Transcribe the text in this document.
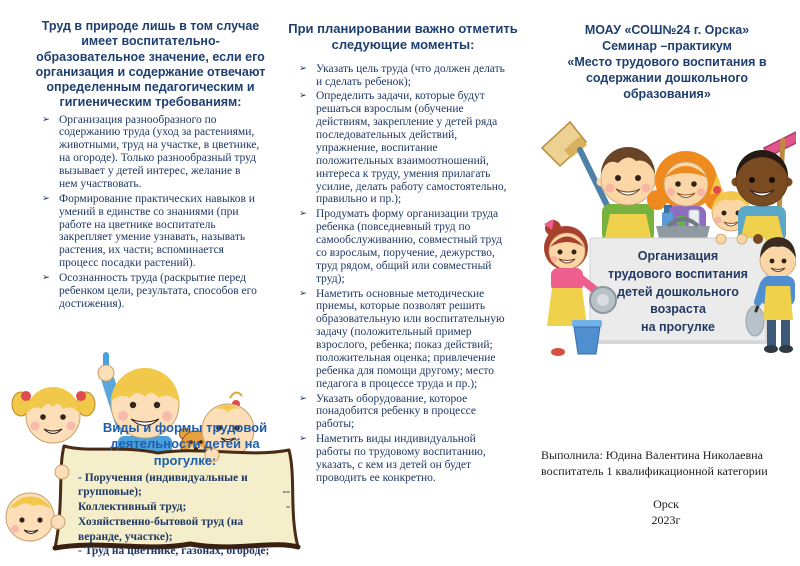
Труд в природе лишь в том случае имеет воспитательно-образовательное значение, если его организация и содержание отвечают определенным педагогическим и гигиеническим требованиям:
➢ Организация разнообразного по содержанию труда (уход за растениями, животными, труд на участке, в цветнике, на огороде). Только разнообразный труд вызывает у детей интерес, желание в нем участвовать.
➢ Формирование практических навыков и умений в единстве со знаниями (при работе на цветнике воспитатель закрепляет умение узнавать, называть растения, их части; вспоминается процесс посадки растений).
➢ Осознанность труда (раскрытие перед ребенком цели, результата, способов его достижения).
Виды и формы трудовой деятельности детей на прогулке:
- Поручения (индивидуальные и групповые);	--
Коллективный труд;	-
Хозяйственно-бытовой труд (на веранде, участке);
- Труд на цветнике, газонах, огороде;
При планировании важно отметить следующие моменты:
➢ Указать цель труда (что должен делать и сделать ребенок);
➢ Определить задачи, которые будут решаться взрослым (обучение действиям, закрепление у детей ряда последовательных действий, упражнение, воспитание положительных взаимоотношений, интереса к труду, умения прилагать усилие, делать работу самостоятельно, правильно и пр.);
➢ Продумать форму организации труда ребенка (повседневный труд по самообслуживанию, совместный труд со взрослым, поручение, дежурство, труд рядом, общий или совместный труд);
➢ Наметить основные методические приемы, которые позволят решить образовательную или воспитательную задачу (положительный пример взрослого, ребенка; показ действий; положительная оценка; привлечение ребенка для помощи другому; место педагога в процессе труда и пр.);
➢ Указать оборудование, которое понадобится ребенку в процессе работы;
➢ Наметить виды индивидуальной работы по трудовому воспитанию, указать, с кем из детей он будет проводить ее конкретно.
МОАУ «СОШ№24 г. Орска»
Семинар –практикум
«Место трудового воспитания в содержании дошкольного образования»
Организация
трудового воспитания
детей дошкольного
возраста
на прогулке
Выполнила: Юдина Валентина Николаевна
воспитатель 1 квалификационной категории
Орск
2023г
